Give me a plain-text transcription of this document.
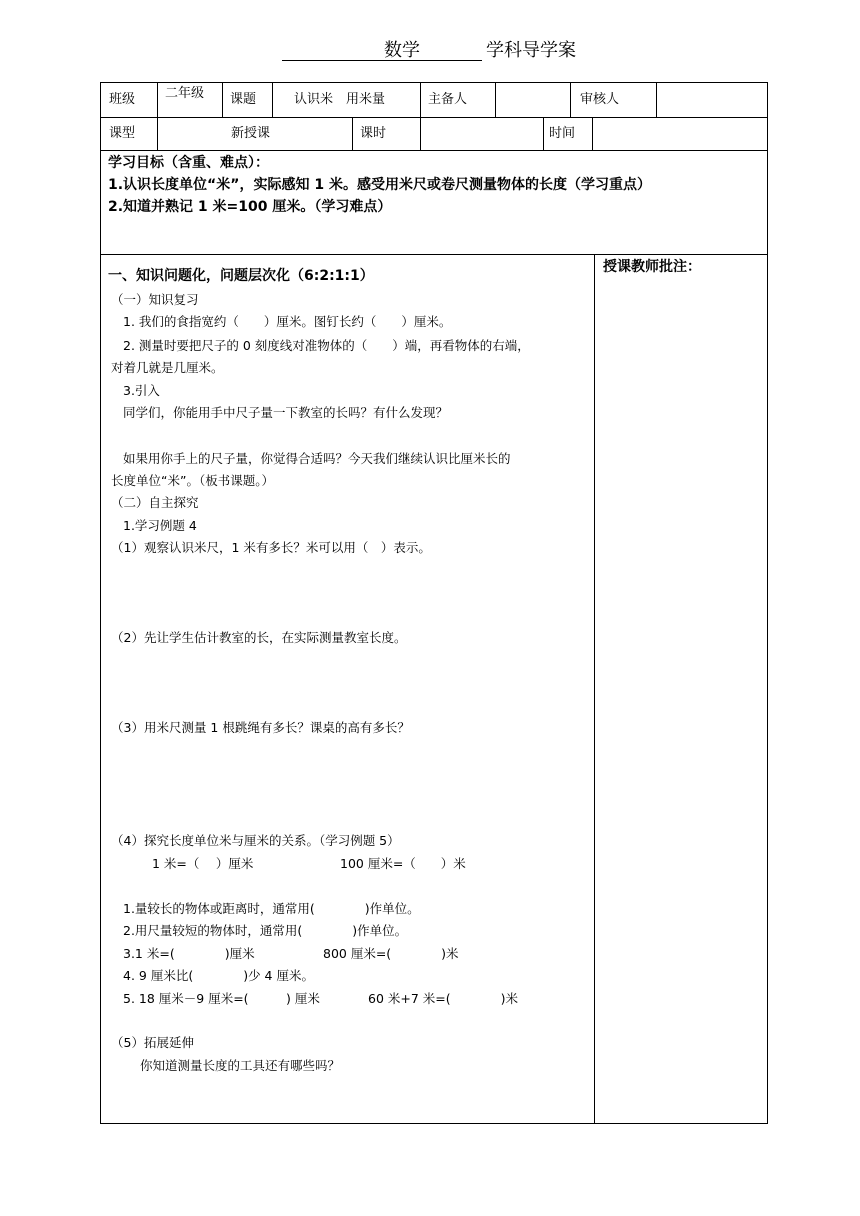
数学	学科导学案
班级 二年级 课题	认识米　用米量	主备人	审核人
课型	新授课	课时	时间
学习目标（含重、难点）：
1.认识长度单位“米”，实际感知 1 米。感受用米尺或卷尺测量物体的长度（学习重点）
2.知道并熟记 1 米=100 厘米。（学习难点）
授课教师批注：
一、知识问题化，问题层次化（6:2:1:1）
（一）知识复习
1. 我们的食指宽约（　　）厘米。图钉长约（　　）厘米。
2. 测量时要把尺子的 0 刻度线对准物体的（　　）端，再看物体的右端，
对着几就是几厘米。
3.引入
同学们，你能用手中尺子量一下教室的长吗？有什么发现？
如果用你手上的尺子量，你觉得合适吗？今天我们继续认识比厘米长的
长度单位“米”。（板书课题。）
（二）自主探究
1.学习例题 4
（1）观察认识米尺，1 米有多长？米可以用（　）表示。
（2）先让学生估计教室的长，在实际测量教室长度。
（3）用米尺测量 1 根跳绳有多长？课桌的高有多长？
（4）探究长度单位米与厘米的关系。（学习例题 5）
1 米=（　 ）厘米	100 厘米=（　　）米
1.量较长的物体或距离时，通常用(　　　　)作单位。
2.用尺量较短的物体时，通常用(　　　　)作单位。
3.1 米=(　　　　)厘米	800 厘米=(　　　　)米
4. 9 厘米比(　　　　)少 4 厘米。
5. 18 厘米－9 厘米=(　　　) 厘米	60 米+7 米=(　　　　)米
（5）拓展延伸
你知道测量长度的工具还有哪些吗？
